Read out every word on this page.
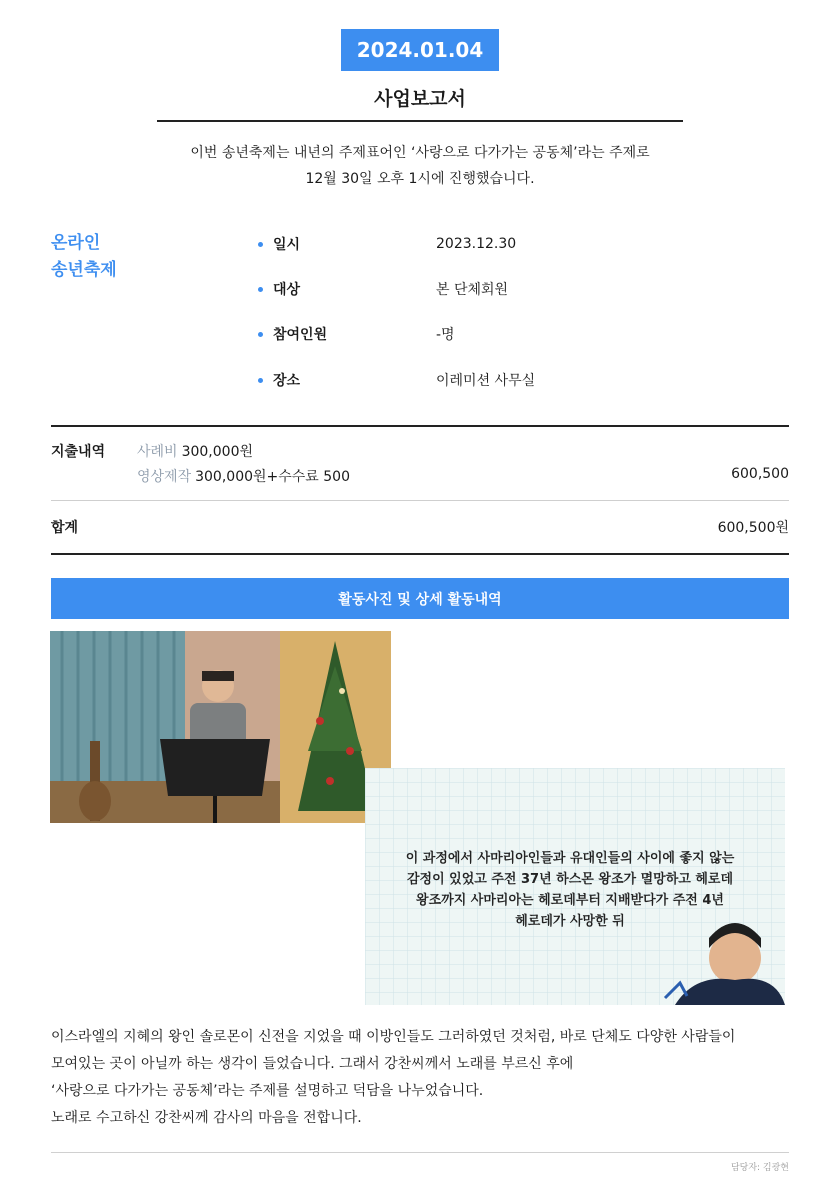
2024.01.04
사업보고서
이번 송년축제는 내년의 주제표어인 ‘사랑으로 다가가는 공동체’라는 주제로
12월 30일 오후 1시에 진행했습니다.
온라인
송년축제
일시	2023.12.30
대상	본 단체회원
참여인원	-명
장소	이레미션 사무실
지출내역 사례비 300,000원
영상제작 300,000원+수수료 500	600,500
합계	600,500원
활동사진 및 상세 활동내역
이 과정에서 사마리아인들과 유대인들의 사이에 좋지 않는
감정이 있었고 주전 37년 하스몬 왕조가 멸망하고 헤로데
왕조까지 사마리아는 헤로데부터 지배받다가 주전 4년
헤로데가 사망한 뒤
이스라엘의 지혜의 왕인 솔로몬이 신전을 지었을 때 이방인들도 그러하였던 것처럼, 바로 단체도 다양한 사람들이
모여있는 곳이 아닐까 하는 생각이 들었습니다. 그래서 강찬씨께서 노래를 부르신 후에
‘사랑으로 다가가는 공동체’라는 주제를 설명하고 덕담을 나누었습니다.
노래로 수고하신 강찬씨께 감사의 마음을 전합니다.
담당자: 김광현
